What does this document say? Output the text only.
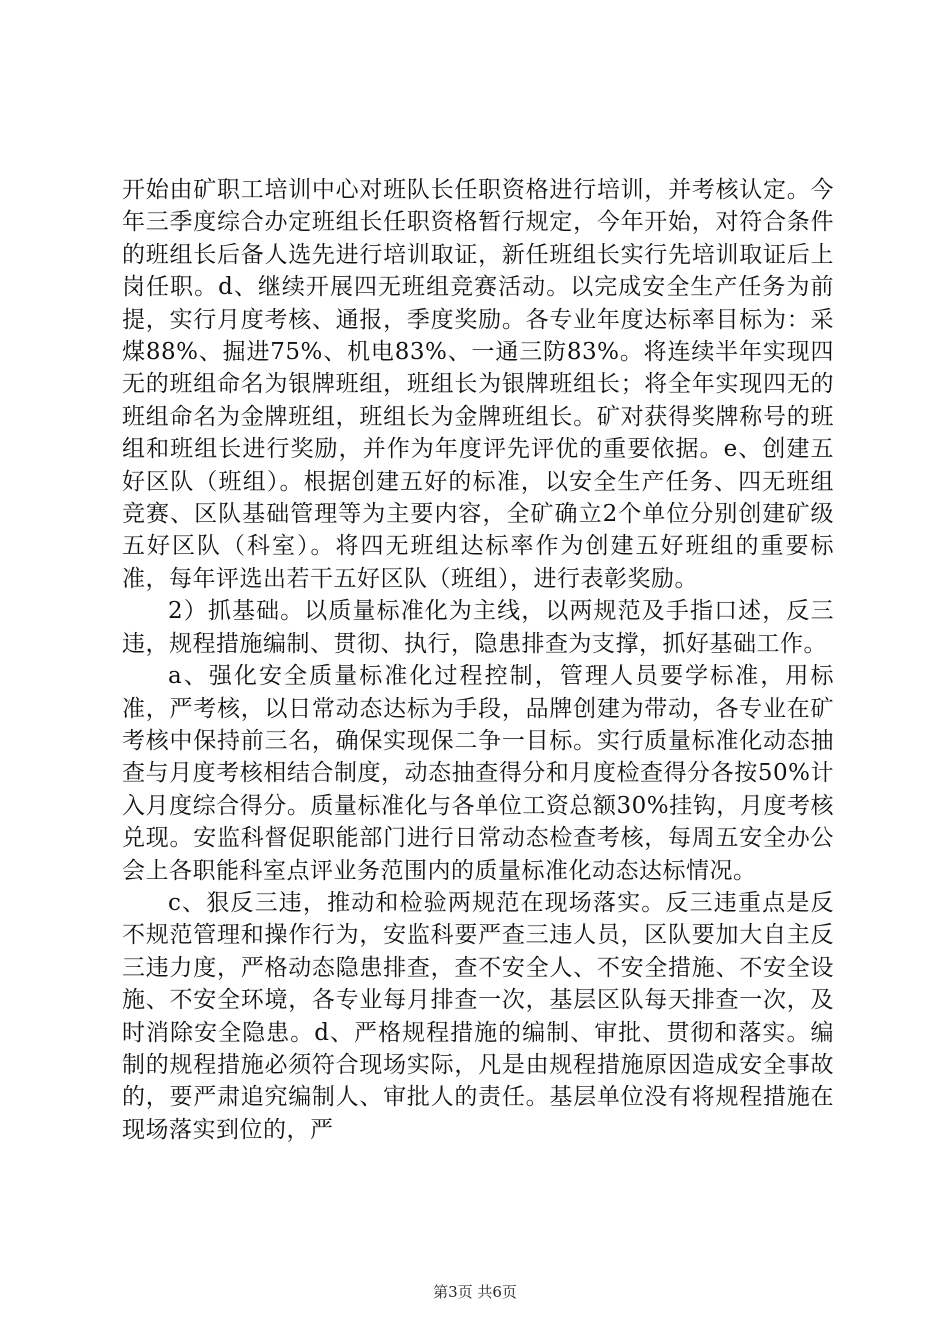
开始由矿职工培训中心对班队长任职资格进行培训，并考核认定。今年三季度综合办定班组长任职资格暂行规定，今年开始，对符合条件的班组长后备人选先进行培训取证，新任班组长实行先培训取证后上岗任职。d、继续开展四无班组竞赛活动。以完成安全生产任务为前提，实行月度考核、通报，季度奖励。各专业年度达标率目标为：采煤88%、掘进75%、机电83%、一通三防83%。将连续半年实现四无的班组命名为银牌班组，班组长为银牌班组长；将全年实现四无的班组命名为金牌班组，班组长为金牌班组长。矿对获得奖牌称号的班组和班组长进行奖励，并作为年度评先评优的重要依据。e、创建五好区队（班组）。根据创建五好的标准，以安全生产任务、四无班组竞赛、区队基础管理等为主要内容，全矿确立2个单位分别创建矿级五好区队（科室）。将四无班组达标率作为创建五好班组的重要标准，每年评选出若干五好区队（班组），进行表彰奖励。

2）抓基础。以质量标准化为主线，以两规范及手指口述，反三违，规程措施编制、贯彻、执行，隐患排查为支撑，抓好基础工作。

a、强化安全质量标准化过程控制，管理人员要学标准，用标准，严考核，以日常动态达标为手段，品牌创建为带动，各专业在矿考核中保持前三名，确保实现保二争一目标。实行质量标准化动态抽查与月度考核相结合制度，动态抽查得分和月度检查得分各按50%计入月度综合得分。质量标准化与各单位工资总额30%挂钩，月度考核兑现。安监科督促职能部门进行日常动态检查考核，每周五安全办公会上各职能科室点评业务范围内的质量标准化动态达标情况。

c、狠反三违，推动和检验两规范在现场落实。反三违重点是反不规范管理和操作行为，安监科要严查三违人员，区队要加大自主反三违力度，严格动态隐患排查，查不安全人、不安全措施、不安全设施、不安全环境，各专业每月排查一次，基层区队每天排查一次，及时消除安全隐患。d、严格规程措施的编制、审批、贯彻和落实。编制的规程措施必须符合现场实际，凡是由规程措施原因造成安全事故的，要严肃追究编制人、审批人的责任。基层单位没有将规程措施在现场落实到位的，严

第3页 共6页
